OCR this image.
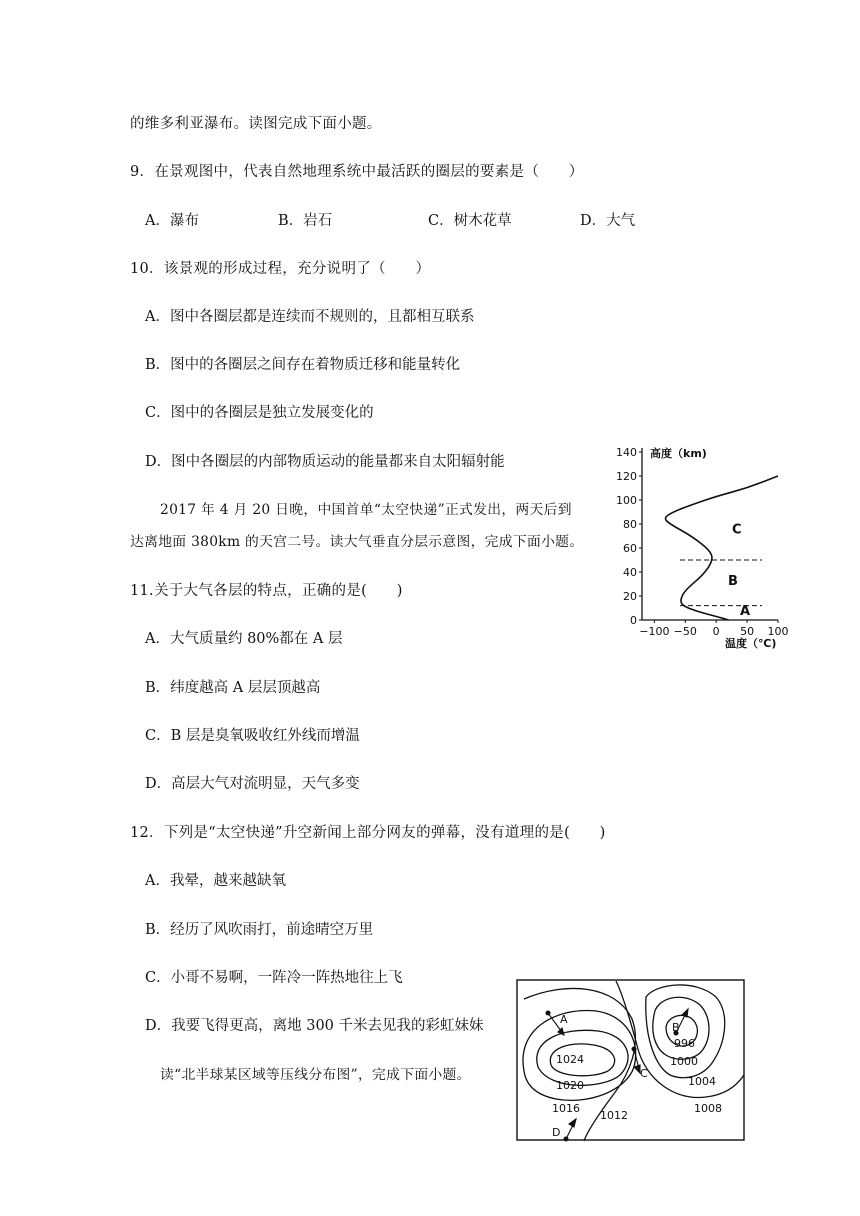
的维多利亚瀑布。读图完成下面小题。
9．在景观图中，代表自然地理系统中最活跃的圈层的要素是（　　）
A．瀑布	B．岩石	C．树木花草	D．大气
10．该景观的形成过程，充分说明了（　　）
A．图中各圈层都是连续而不规则的，且都相互联系
B．图中的各圈层之间存在着物质迁移和能量转化
C．图中的各圈层是独立发展变化的
D．图中各圈层的内部物质运动的能量都来自太阳辐射能
2017 年 4 月 20 日晚，中国首单“太空快递”正式发出，两天后到
达离地面 380km 的天宫二号。读大气垂直分层示意图，完成下面小题。
11.关于大气各层的特点，正确的是(　　)
A．大气质量约 80%都在 A 层
B．纬度越高 A 层层顶越高
C．B 层是臭氧吸收红外线而增温
D．高层大气对流明显，天气多变
12．下列是“太空快递”升空新闻上部分网友的弹幕，没有道理的是(　　)
A．我晕，越来越缺氧
B．经历了风吹雨打，前途晴空万里
C．小哥不易啊，一阵冷一阵热地往上飞
D．我要飞得更高，离地 300 千米去见我的彩虹妹妹
读“北半球某区域等压线分布图”，完成下面小题。
0
20
40
60
80
100
120
140
−100 −50 0 50 100
A
B
C
高度（km)
温度（℃)
1024
1020
1016
1012
1008
1004
1000
996
A
B
C
D
